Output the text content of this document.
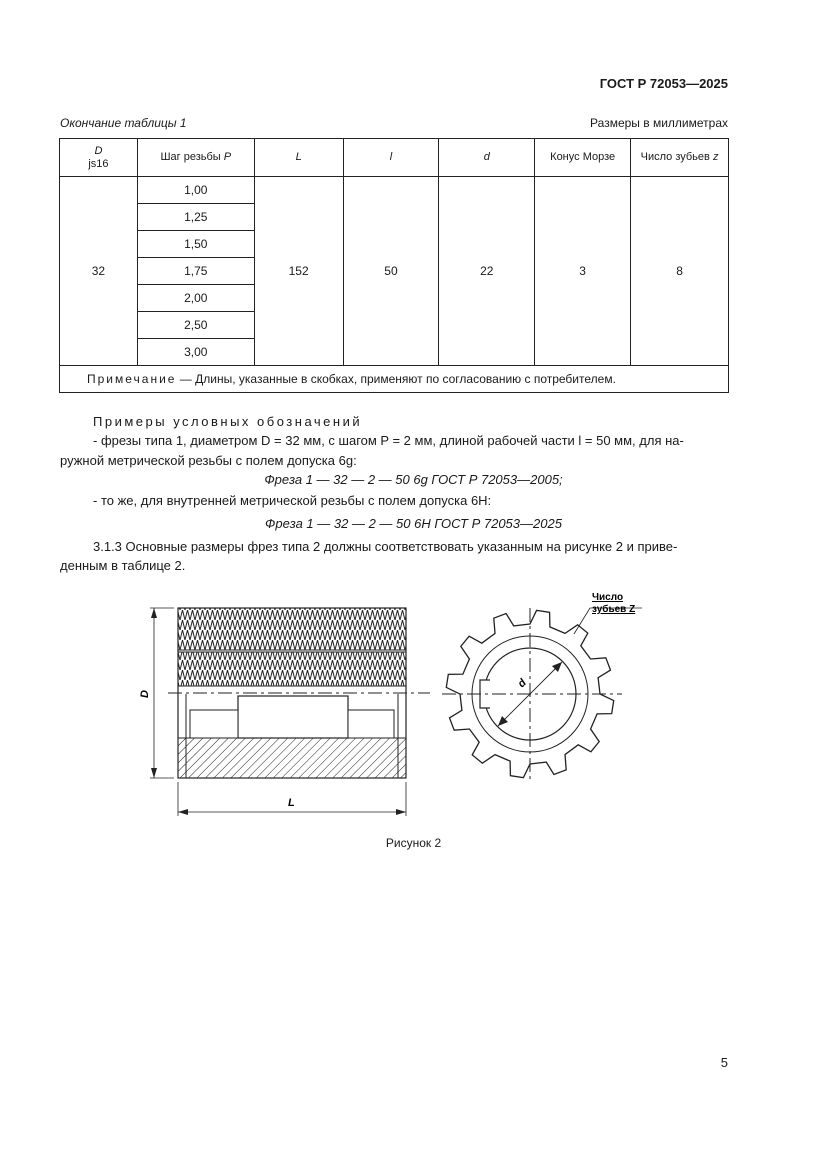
ГОСТ Р 72053—2025
Окончание таблицы 1	Размеры в миллиметрах
D
js16	Шаг резьбы P	L	l	d	Конус Морзе	Число зубьев z
32	1,00	152	50	22	3	8
	1,25					
	1,50					
	1,75					
	2,00					
	2,50					
	3,00					
Примечание — Длины, указанные в скобках, применяют по согласованию с потребителем.						
Примеры условных обозначений
- фрезы типа 1, диаметром D = 32 мм, с шагом P = 2 мм, длиной рабочей части l = 50 мм, для на-
ружной метрической резьбы с полем допуска 6g:
Фреза 1 — 32 — 2 — 50 6g ГОСТ Р 72053—2005;
- то же, для внутренней метрической резьбы с полем допуска 6H:
Фреза 1 — 32 — 2 — 50 6H ГОСТ Р 72053—2025
3.1.3 Основные размеры фрез типа 2 должны соответствовать указанным на рисунке 2 и приве-
денным в таблице 2.
D
L
d
Число
зубьев Z
Рисунок 2
5
